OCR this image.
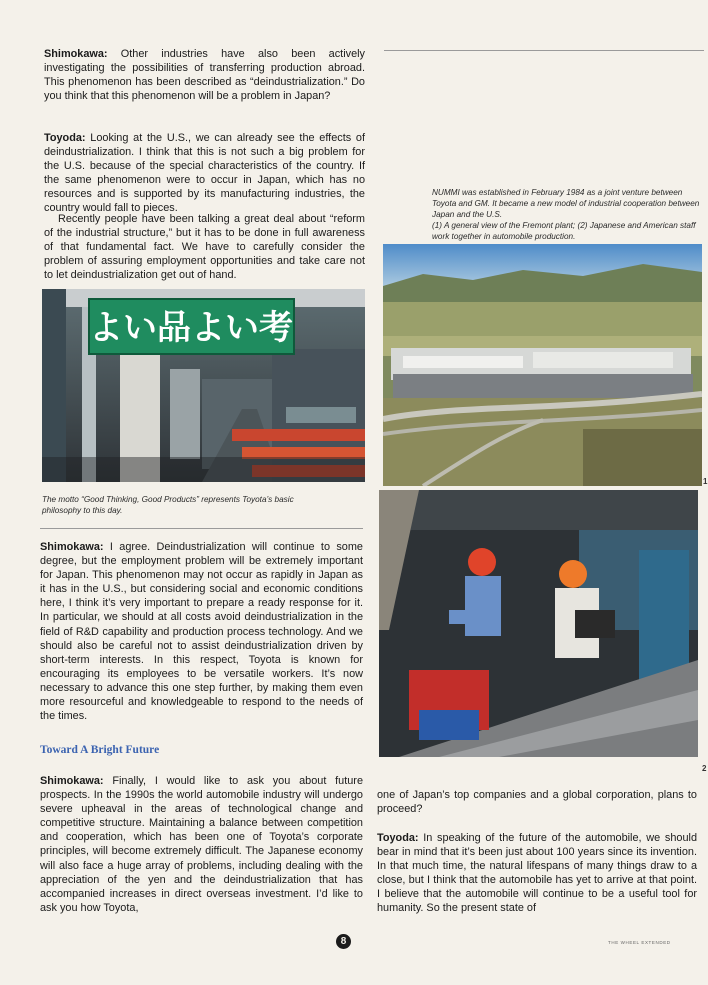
Shimokawa: Other industries have also been actively investigating the possibilities of transferring production abroad. This phenomenon has been described as “deindustrialization.” Do you think that this phenomenon will be a problem in Japan?

Toyoda: Looking at the U.S., we can already see the effects of deindustrialization. I think that this is not such a big problem for the U.S. because of the special characteristics of the country. If the same phenomenon were to occur in Japan, which has no resources and is supported by its manufacturing industries, the country would fall to pieces.

Recently people have been talking a great deal about “reform of the industrial structure,” but it has to be done in full awareness of that fundamental fact. We have to carefully consider the problem of assuring employment opportunities and take care not to let deindustrialization get out of hand.

よい品よい考

The motto “Good Thinking, Good Products” represents Toyota’s basic philosophy to this day.

Shimokawa: I agree. Deindustrialization will continue to some degree, but the employment problem will be extremely important for Japan. This phenomenon may not occur as rapidly in Japan as it has in the U.S., but considering social and economic conditions here, I think it’s very important to prepare a ready response for it. In particular, we should at all costs avoid deindustrialization in the field of R&D capability and production process technology. And we should also be careful not to assist deindustrialization driven by short-term interests. In this respect, Toyota is known for encouraging its employees to be versatile workers. It’s now necessary to advance this one step further, by making them even more resourceful and knowledgeable to respond to the needs of the times.

Toward A Bright Future

Shimokawa: Finally, I would like to ask you about future prospects. In the 1990s the world automobile industry will undergo severe upheaval in the areas of technological change and competitive structure. Maintaining a balance between competition and cooperation, which has been one of Toyota’s corporate principles, will become extremely difficult. The Japanese economy will also face a huge array of problems, including dealing with the appreciation of the yen and the deindustrialization that has accompanied increases in direct overseas investment. I’d like to ask you how Toyota,

NUMMI was established in February 1984 as a joint venture between Toyota and GM. It became a new model of industrial cooperation between Japan and the U.S.
(1) A general view of the Fremont plant; (2) Japanese and American staff work together in automobile production.

1
2

one of Japan’s top companies and a global corporation, plans to proceed?

Toyoda: In speaking of the future of the automobile, we should bear in mind that it’s been just about 100 years since its invention. In that much time, the natural lifespans of many things draw to a close, but I think that the automobile has yet to arrive at that point. I believe that the automobile will continue to be a useful tool for humanity. So the present state of

8	THE WHEEL EXTENDED
